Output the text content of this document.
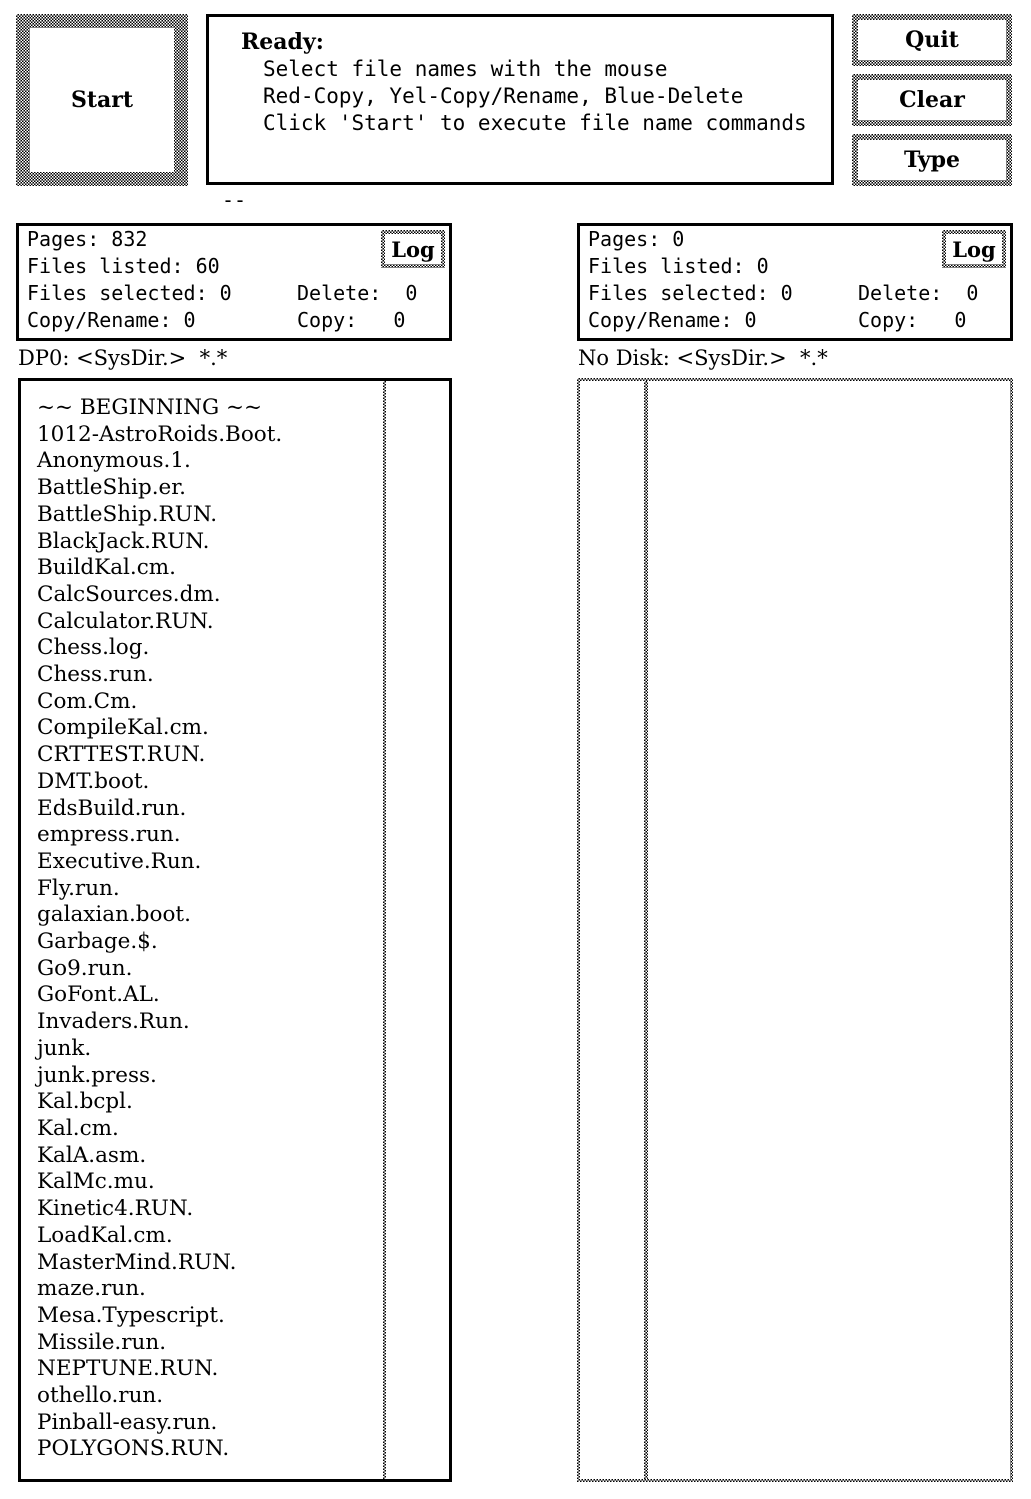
Start
Ready:
Select file names with the mouse
Red-Copy, Yel-Copy/Rename, Blue-Delete
Click 'Start' to execute file name commands
Quit
Clear
Type
--
Pages: 832
Files listed: 60
Files selected: 0	Delete:  0
Copy/Rename: 0	Copy:   0
Log	Pages: 0
Files listed: 0
Files selected: 0	Delete:  0
Copy/Rename: 0	Copy:   0
Log
DP0: <SysDir.>  *.*	No Disk: <SysDir.>  *.*
~~ BEGINNING ~~
1012-AstroRoids.Boot.
Anonymous.1.
BattleShip.er.
BattleShip.RUN.
BlackJack.RUN.
BuildKal.cm.
CalcSources.dm.
Calculator.RUN.
Chess.log.
Chess.run.
Com.Cm.
CompileKal.cm.
CRTTEST.RUN.
DMT.boot.
EdsBuild.run.
empress.run.
Executive.Run.
Fly.run.
galaxian.boot.
Garbage.$.
Go9.run.
GoFont.AL.
Invaders.Run.
junk.
junk.press.
Kal.bcpl.
Kal.cm.
KalA.asm.
KalMc.mu.
Kinetic4.RUN.
LoadKal.cm.
MasterMind.RUN.
maze.run.
Mesa.Typescript.
Missile.run.
NEPTUNE.RUN.
othello.run.
Pinball-easy.run.
POLYGONS.RUN.
